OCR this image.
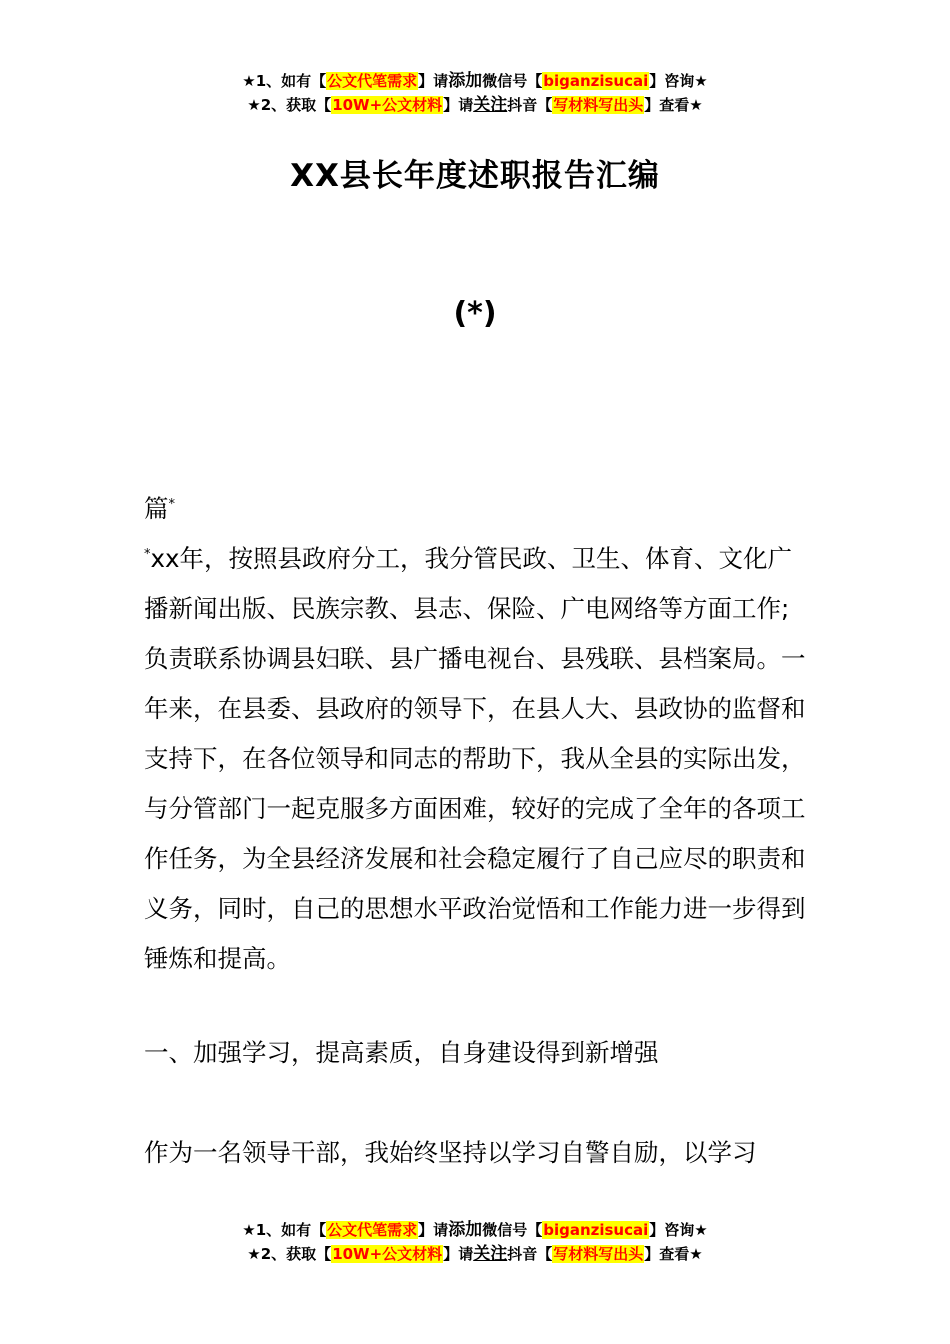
★1、如有【公文代笔需求】请添加微信号【biganzisucai】咨询★
★2、获取【10W+公文材料】请关注抖音【写材料写出头】查看★
XX县长年度述职报告汇编
(*)

篇*

*xx年，按照县政府分工，我分管民政、卫生、体育、文化广播新闻出版、民族宗教、县志、保险、广电网络等方面工作;负责联系协调县妇联、县广播电视台、县残联、县档案局。一年来，在县委、县政府的领导下，在县人大、县政协的监督和支持下，在各位领导和同志的帮助下，我从全县的实际出发，与分管部门一起克服多方面困难，较好的完成了全年的各项工作任务，为全县经济发展和社会稳定履行了自己应尽的职责和义务，同时，自己的思想水平政治觉悟和工作能力进一步得到锤炼和提高。

一、加强学习，提高素质，自身建设得到新增强

作为一名领导干部，我始终坚持以学习自警自励，以学习

★1、如有【公文代笔需求】请添加微信号【biganzisucai】咨询★
★2、获取【10W+公文材料】请关注抖音【写材料写出头】查看★
